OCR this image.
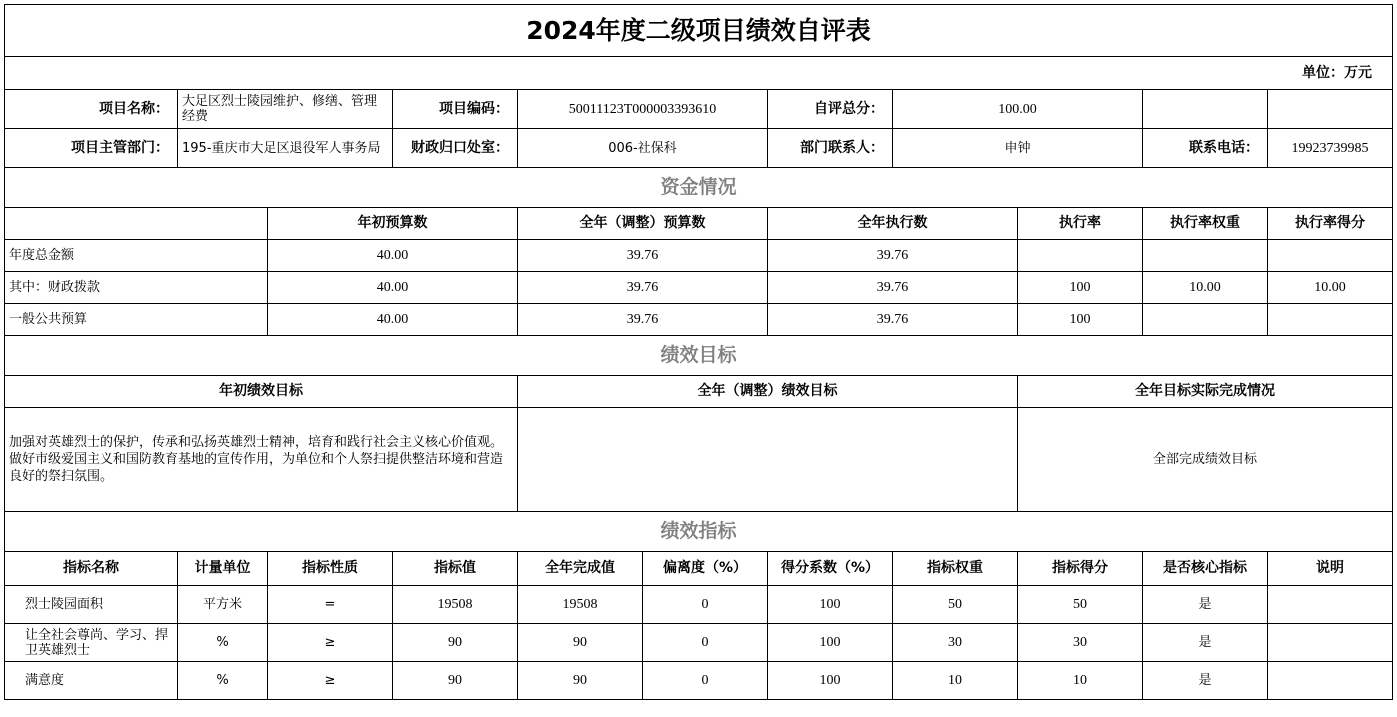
2024年度二级项目绩效自评表										
单位：万元										
项目名称：	大足区烈士陵园维护、修缮、管理经费		项目编码：	50011123T000003393610		自评总分：	100.00			
项目主管部门：	195-重庆市大足区退役军人事务局		财政归口处室：	006-社保科		部门联系人：	申钟		联系电话：	19923739985
资金情况										
		年初预算数		全年（调整）预算数		全年执行数		执行率	执行率权重	执行率得分
年度总金额		40.00		39.76		39.76				
其中：财政拨款		40.00		39.76		39.76		100	10.00	10.00
一般公共预算		40.00		39.76		39.76		100		
绩效目标										
年初绩效目标				全年（调整）绩效目标				全年目标实际完成情况		
加强对英雄烈士的保护，传承和弘扬英雄烈士精神，培育和践行社会主义核心价值观。做好市级爱国主义和国防教育基地的宣传作用，为单位和个人祭扫提供整洁环境和营造良好的祭扫氛围。								全部完成绩效目标		
绩效指标										
指标名称	计量单位	指标性质	指标值	全年完成值	偏离度（%）	得分系数（%）	指标权重	指标得分	是否核心指标	说明
烈士陵园面积	平方米	=	19508	19508	0	100	50	50	是	
让全社会尊尚、学习、捍卫英雄烈士	%	≥	90	90	0	100	30	30	是	
满意度	%	≥	90	90	0	100	10	10	是	
